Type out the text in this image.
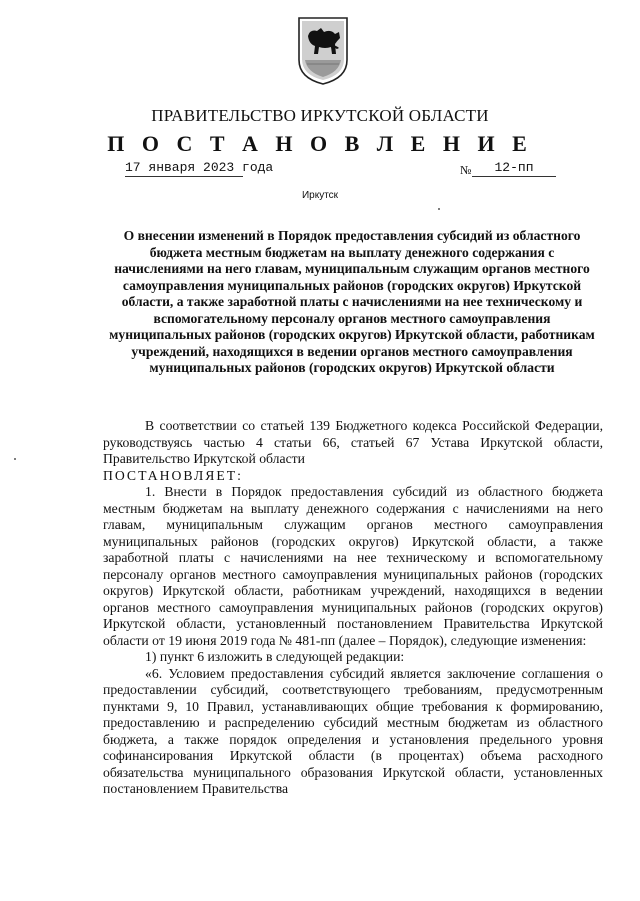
ПРАВИТЕЛЬСТВО ИРКУТСКОЙ ОБЛАСТИ
П О С Т А Н О В Л Е Н И Е
17 января 2023 года	№	12-пп
Иркутск
О внесении изменений в Порядок предоставления субсидий из областного бюджета местным бюджетам на выплату денежного содержания с начислениями на него главам, муниципальным служащим органов местного самоуправления муниципальных районов (городских округов) Иркутской области, а также заработной платы с начислениями на нее техническому и вспомогательному персоналу органов местного самоуправления муниципальных районов (городских округов) Иркутской области, работникам учреждений, находящихся в ведении органов местного самоуправления муниципальных районов (городских округов) Иркутской области

В соответствии со статьей 139 Бюджетного кодекса Российской Федерации, руководствуясь частью 4 статьи 66, статьей 67 Устава Иркутской области, Правительство Иркутской области

ПОСТАНОВЛЯЕТ:

1. Внести в Порядок предоставления субсидий из областного бюджета местным бюджетам на выплату денежного содержания с начислениями на него главам, муниципальным служащим органов местного самоуправления муниципальных районов (городских округов) Иркутской области, а также заработной платы с начислениями на нее техническому и вспомогательному персоналу органов местного самоуправления муниципальных районов (городских округов) Иркутской области, работникам учреждений, находящихся в ведении органов местного самоуправления муниципальных районов (городских округов) Иркутской области, установленный постановлением Правительства Иркутской области от 19 июня 2019 года № 481-пп (далее – Порядок), следующие изменения:

1) пункт 6 изложить в следующей редакции:

«6. Условием предоставления субсидий является заключение соглашения о предоставлении субсидий, соответствующего требованиям, предусмотренным пунктами 9, 10 Правил, устанавливающих общие требования к формированию, предоставлению и распределению субсидий местным бюджетам из областного бюджета, а также порядок определения и установления предельного уровня софинансирования Иркутской области (в процентах) объема расходного обязательства муниципального образования Иркутской области, установленных постановлением Правительства
